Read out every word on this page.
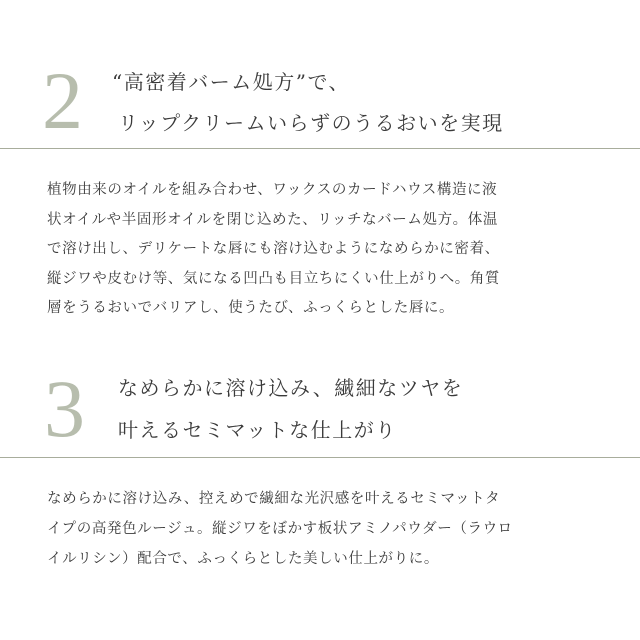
2 “高密着バーム処方”で、
リップクリームいらずのうるおいを実現
植物由来のオイルを組み合わせ、ワックスのカードハウス構造に液
状オイルや半固形オイルを閉じ込めた、リッチなバーム処方。体温
で溶け出し、デリケートな唇にも溶け込むようになめらかに密着、
縦ジワや皮むけ等、気になる凹凸も目立ちにくい仕上がりへ。角質
層をうるおいでバリアし、使うたび、ふっくらとした唇に。
3 なめらかに溶け込み、繊細なツヤを
叶えるセミマットな仕上がり
なめらかに溶け込み、控えめで繊細な光沢感を叶えるセミマットタ
イプの高発色ルージュ。縦ジワをぼかす板状アミノパウダー（ラウロ
イルリシン）配合で、ふっくらとした美しい仕上がりに。
